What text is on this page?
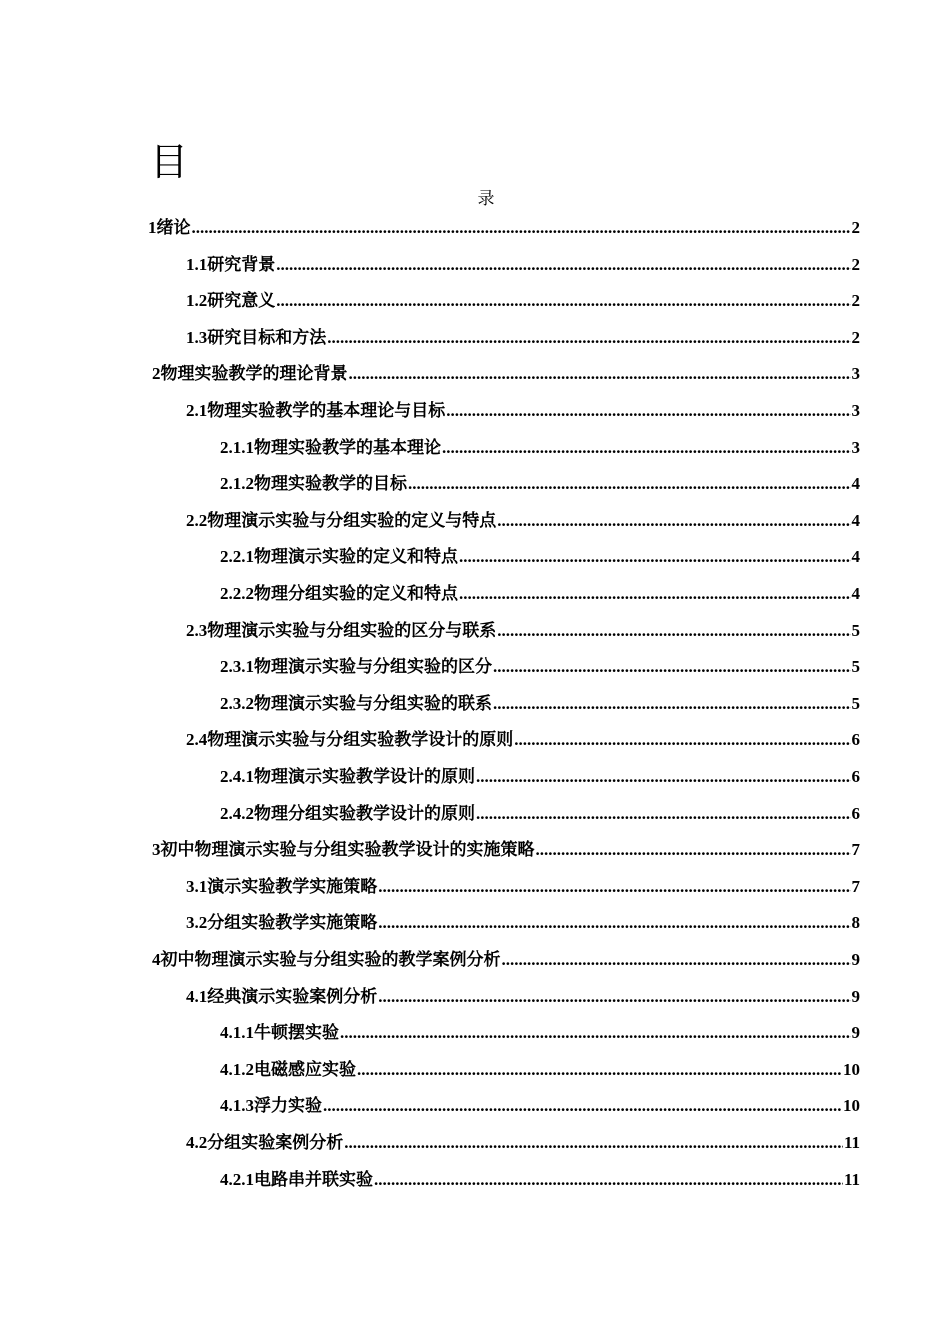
目
录
1 绪论 .....	2
1.1 研究背景 .....	2
1.2 研究意义 .....	2
1.3 研究目标和方法 .....	2
2 物理实验教学的理论背景 .....	3
2.1 物理实验教学的基本理论与目标 .....	3
2.1.1 物理实验教学的基本理论 .....	3
2.1.2 物理实验教学的目标 .....	4
2.2 物理演示实验与分组实验的定义与特点 .....	4
2.2.1 物理演示实验的定义和特点 .....	4
2.2.2 物理分组实验的定义和特点 .....	4
2.3 物理演示实验与分组实验的区分与联系 .....	5
2.3.1 物理演示实验与分组实验的区分 .....	5
2.3.2 物理演示实验与分组实验的联系 .....	5
2.4 物理演示实验与分组实验教学设计的原则 .....	6
2.4.1 物理演示实验教学设计的原则 .....	6
2.4.2 物理分组实验教学设计的原则 .....	6
3 初中物理演示实验与分组实验教学设计的实施策略 .....	7
3.1 演示实验教学实施策略 .....	7
3.2 分组实验教学实施策略 .....	8
4 初中物理演示实验与分组实验的教学案例分析 .....	9
4.1 经典演示实验案例分析 .....	9
4.1.1 牛顿摆实验 .....	9
4.1.2 电磁感应实验 .....	10
4.1.3 浮力实验 .....	10
4.2 分组实验案例分析 .....	11
4.2.1 电路串并联实验 .....	11
